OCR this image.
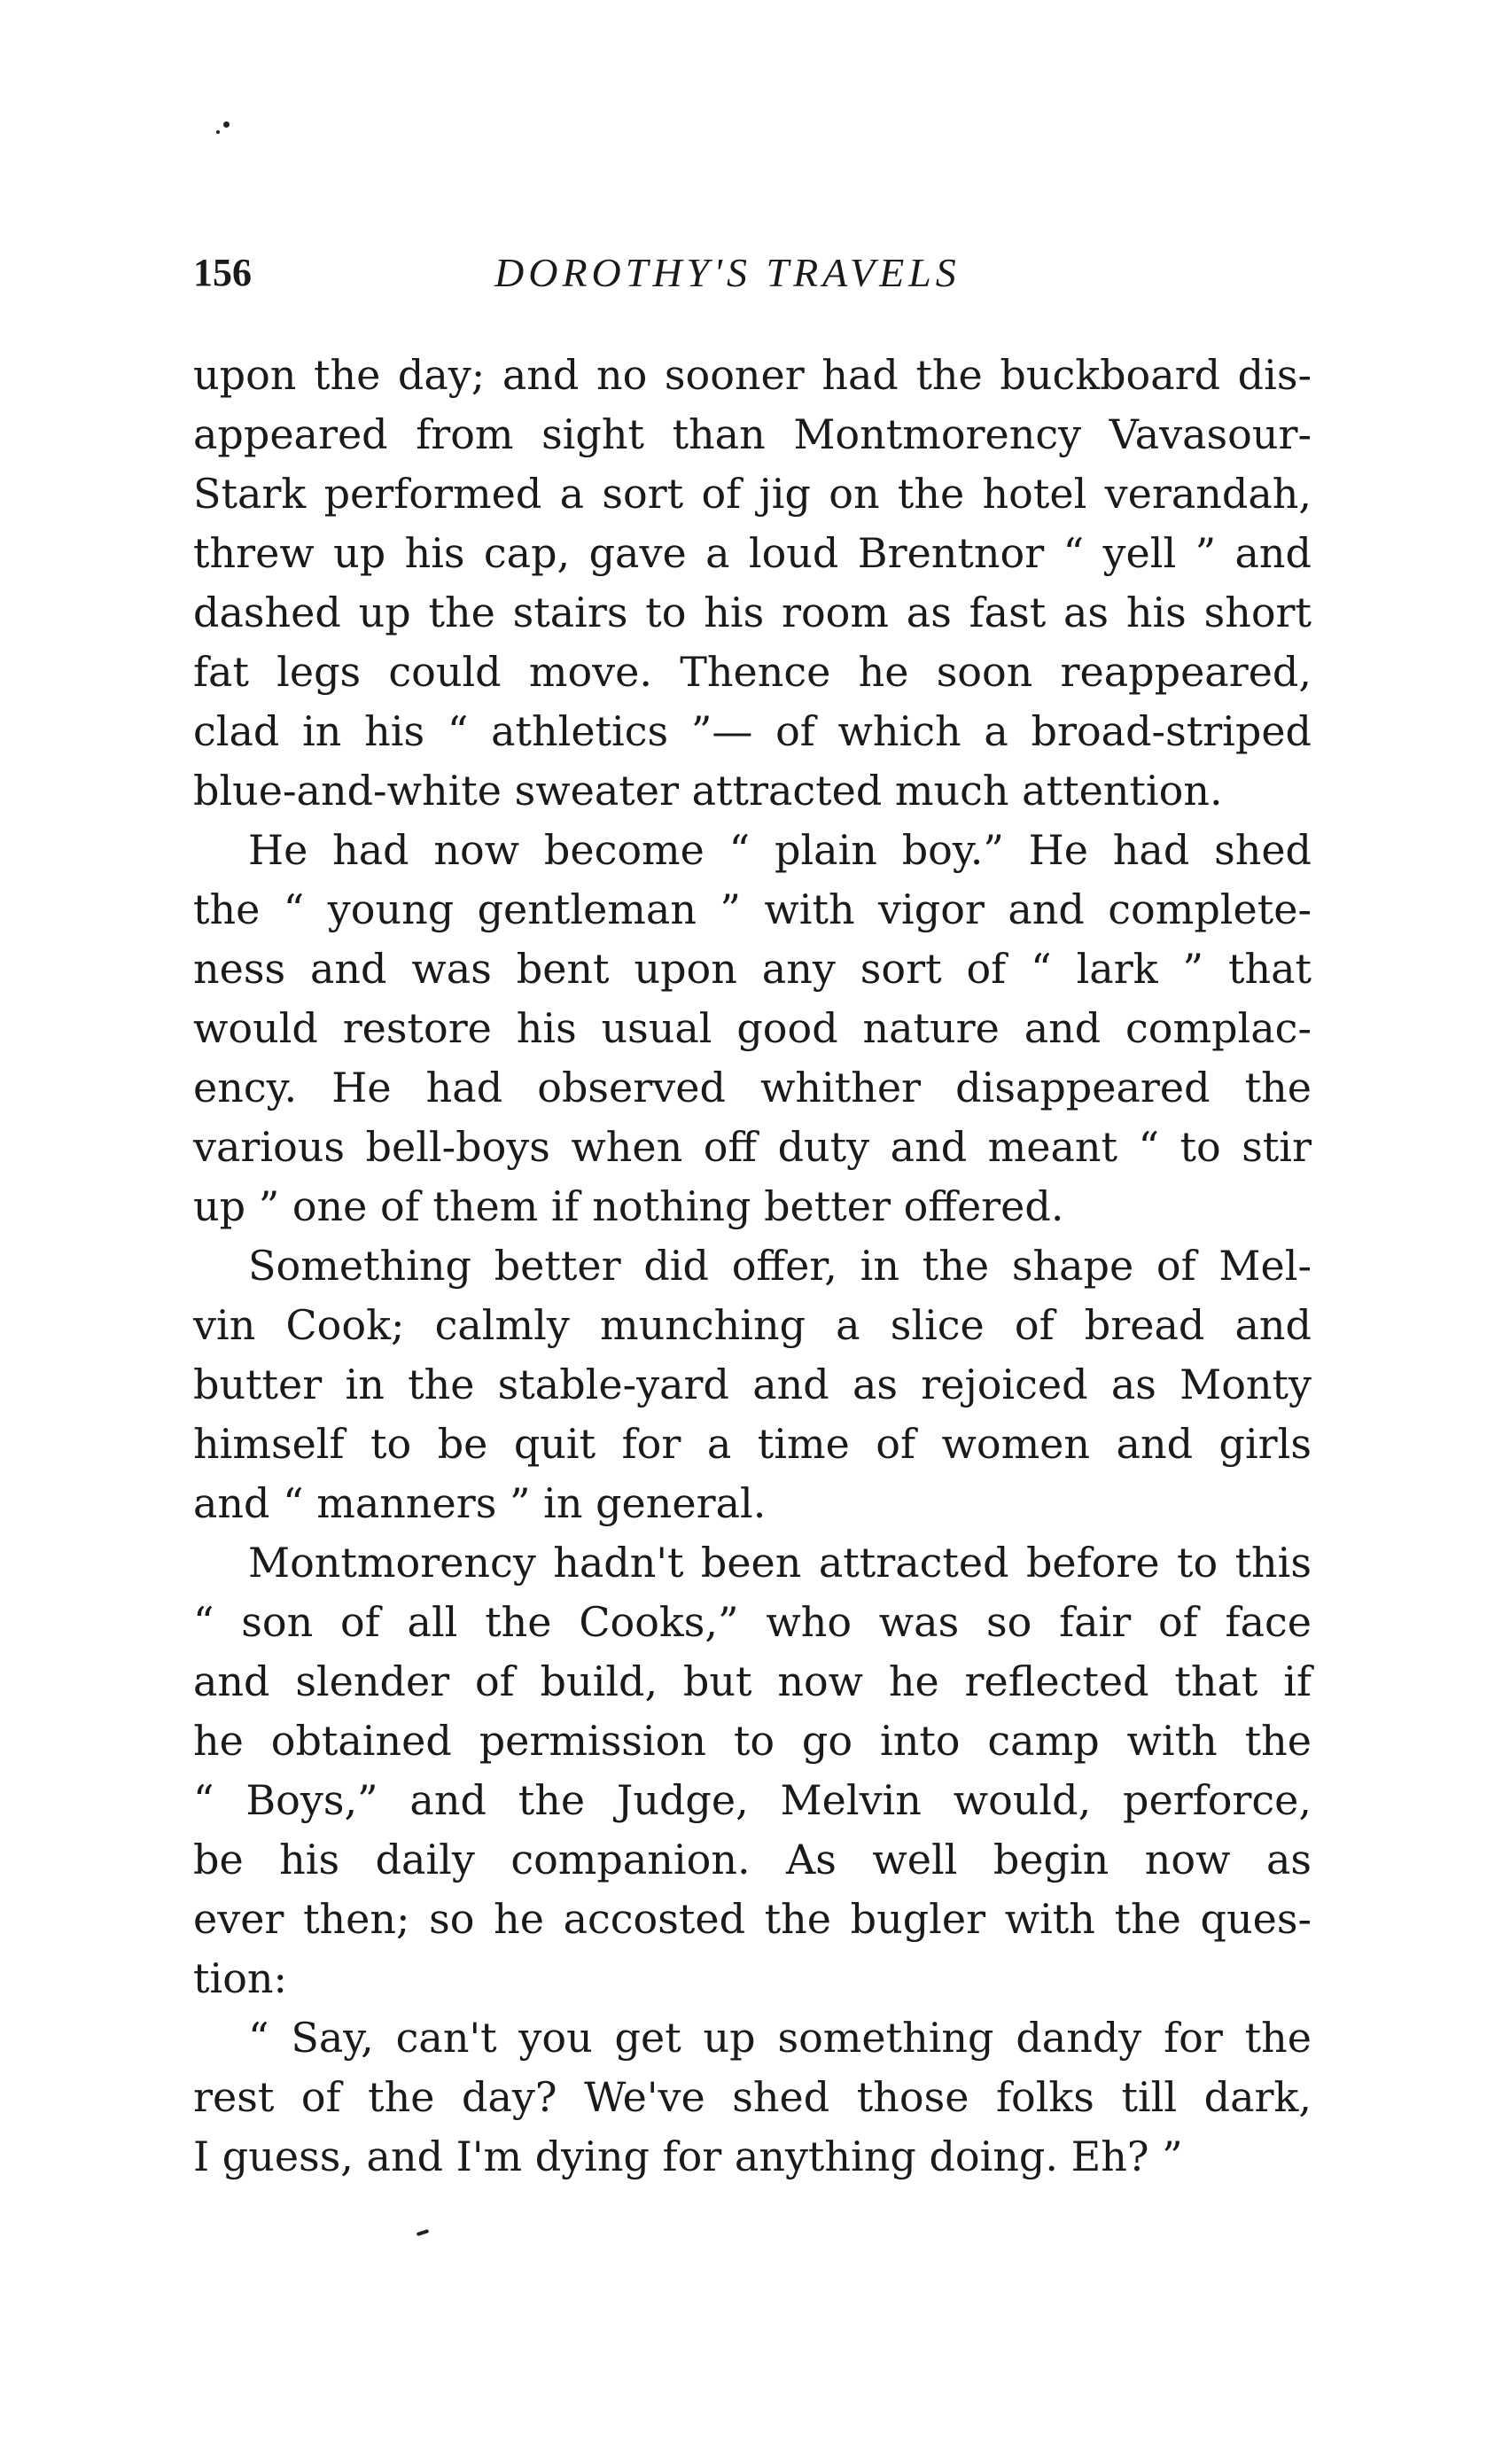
156	DOROTHY'S TRAVELS
upon the day; and no sooner had the buckboard dis-
appeared from sight than Montmorency Vavasour-
Stark performed a sort of jig on the hotel verandah,
threw up his cap, gave a loud Brentnor “ yell ” and
dashed up the stairs to his room as fast as his short
fat legs could move. Thence he soon reappeared,
clad in his “ athletics ”— of which a broad-striped
blue-and-white sweater attracted much attention.
He had now become “ plain boy.” He had shed
the “ young gentleman ” with vigor and complete-
ness and was bent upon any sort of “ lark ” that
would restore his usual good nature and complac-
ency. He had observed whither disappeared the
various bell-boys when off duty and meant “ to stir
up ” one of them if nothing better offered.
Something better did offer, in the shape of Mel-
vin Cook; calmly munching a slice of bread and
butter in the stable-yard and as rejoiced as Monty
himself to be quit for a time of women and girls
and “ manners ” in general.
Montmorency hadn't been attracted before to this
“ son of all the Cooks,” who was so fair of face
and slender of build, but now he reflected that if
he obtained permission to go into camp with the
“ Boys,” and the Judge, Melvin would, perforce,
be his daily companion. As well begin now as
ever then; so he accosted the bugler with the ques-
tion:
“ Say, can't you get up something dandy for the
rest of the day? We've shed those folks till dark,
I guess, and I'm dying for anything doing. Eh? ”
